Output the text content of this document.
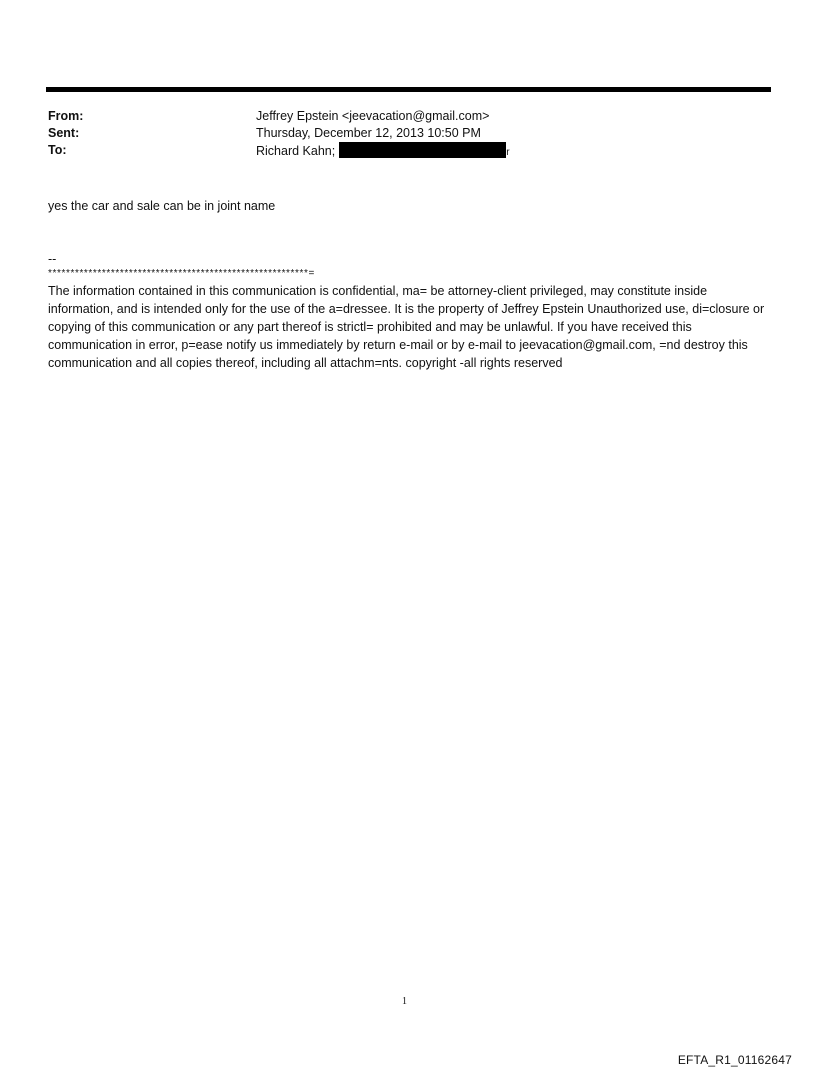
From:	Jeffrey Epstein <jeevacation@gmail.com>
Sent:	Thursday, December 12, 2013 10:50 PM
To:	Richard Kahn;	r
yes the car and sale can be in joint name
--
**********************************************************=
The information contained in this communication is confidential, ma= be attorney-client privileged, may constitute inside information, and is intended only for the use of the a=dressee. It is the property of Jeffrey Epstein Unauthorized use, di=closure or copying of this communication or any part thereof is strictl= prohibited and may be unlawful. If you have received this communication in error, p=ease notify us immediately by return e-mail or by e-mail to jeevacation@gmail.com, =nd destroy this communication and all copies thereof, including all attachm=nts. copyright -all rights reserved
1
EFTA_R1_01162647
